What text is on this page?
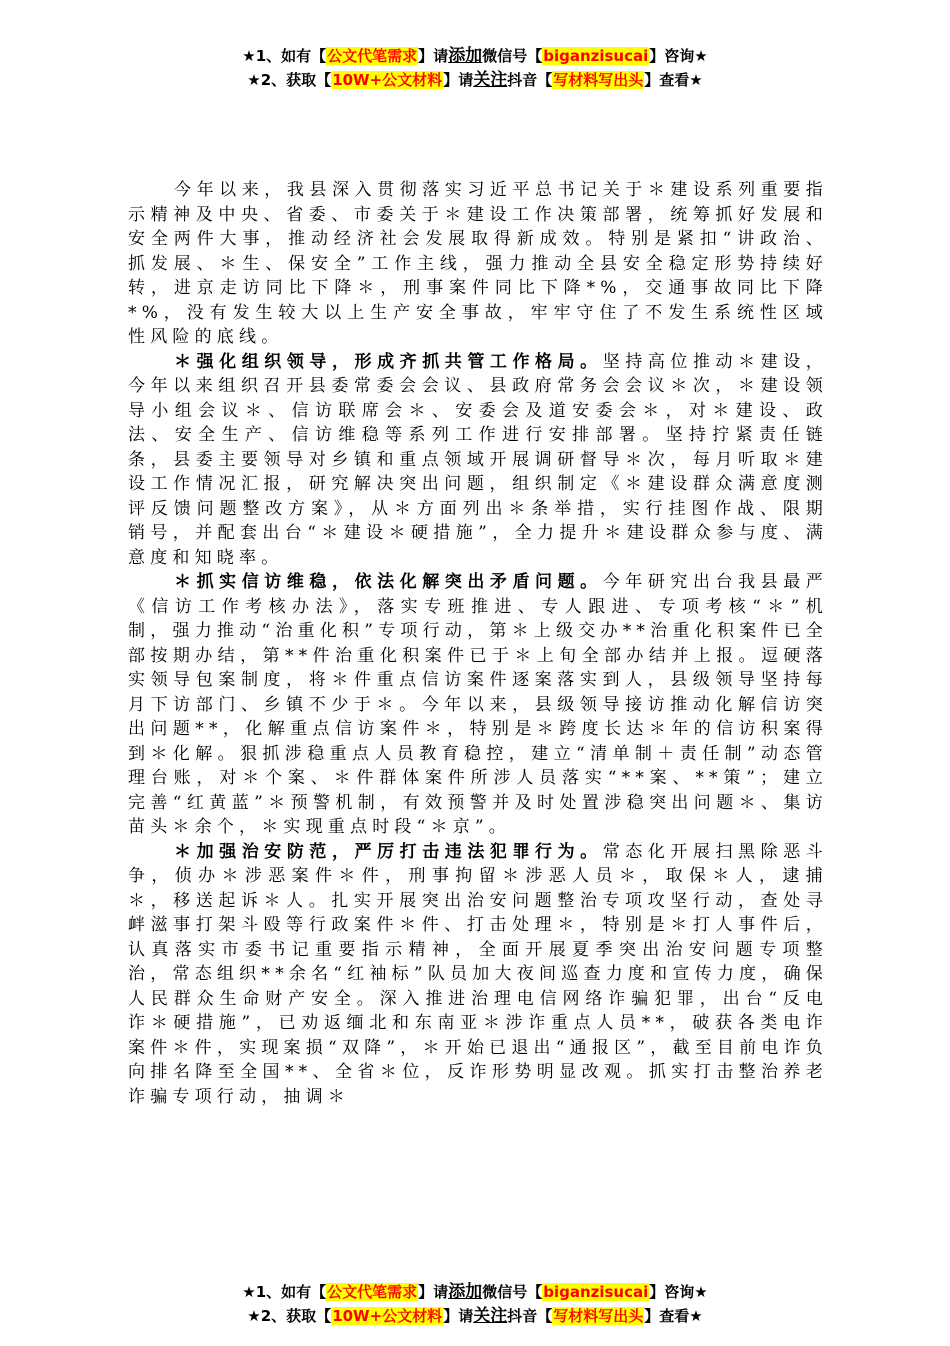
★1、如有【公文代笔需求】请添加微信号【biganzisucai】咨询★
★2、获取【10W+公文材料】请关注抖音【写材料写出头】查看★

今年以来，我县深入贯彻落实习近平总书记关于＊建设系列重要指示精神及中央、省委、市委关于＊建设工作决策部署，统筹抓好发展和安全两件大事，推动经济社会发展取得新成效。特别是紧扣“讲政治、抓发展、＊生、保安全”工作主线，强力推动全县安全稳定形势持续好转，进京走访同比下降＊，刑事案件同比下降*%，交通事故同比下降*%，没有发生较大以上生产安全事故，牢牢守住了不发生系统性区域性风险的底线。

＊强化组织领导，形成齐抓共管工作格局。坚持高位推动＊建设，今年以来组织召开县委常委会会议、县政府常务会会议＊次，＊建设领导小组会议＊、信访联席会＊、安委会及道安委会＊，对＊建设、政法、安全生产、信访维稳等系列工作进行安排部署。坚持拧紧责任链条，县委主要领导对乡镇和重点领域开展调研督导＊次，每月听取＊建设工作情况汇报，研究解决突出问题，组织制定《＊建设群众满意度测评反馈问题整改方案》，从＊方面列出＊条举措，实行挂图作战、限期销号，并配套出台“＊建设＊硬措施”，全力提升＊建设群众参与度、满意度和知晓率。

＊抓实信访维稳，依法化解突出矛盾问题。今年研究出台我县最严《信访工作考核办法》，落实专班推进、专人跟进、专项考核“＊”机制，强力推动“治重化积”专项行动，第＊上级交办**治重化积案件已全部按期办结，第**件治重化积案件已于＊上旬全部办结并上报。逗硬落实领导包案制度，将＊件重点信访案件逐案落实到人，县级领导坚持每月下访部门、乡镇不少于＊。今年以来，县级领导接访推动化解信访突出问题**，化解重点信访案件＊，特别是＊跨度长达＊年的信访积案得到＊化解。狠抓涉稳重点人员教育稳控，建立“清单制＋责任制”动态管理台账，对＊个案、＊件群体案件所涉人员落实“**案、**策”；建立完善“红黄蓝”＊预警机制，有效预警并及时处置涉稳突出问题＊、集访苗头＊余个，＊实现重点时段“＊京”。

＊加强治安防范，严厉打击违法犯罪行为。常态化开展扫黑除恶斗争，侦办＊涉恶案件＊件，刑事拘留＊涉恶人员＊，取保＊人，逮捕＊，移送起诉＊人。扎实开展突出治安问题整治专项攻坚行动，查处寻衅滋事打架斗殴等行政案件＊件、打击处理＊，特别是＊打人事件后，认真落实市委书记重要指示精神，全面开展夏季突出治安问题专项整治，常态组织**余名“红袖标”队员加大夜间巡查力度和宣传力度，确保人民群众生命财产安全。深入推进治理电信网络诈骗犯罪，出台“反电诈＊硬措施”，已劝返缅北和东南亚＊涉诈重点人员**，破获各类电诈案件＊件，实现案损“双降”，＊开始已退出“通报区”，截至目前电诈负向排名降至全国**、全省＊位，反诈形势明显改观。抓实打击整治养老诈骗专项行动，抽调＊

★1、如有【公文代笔需求】请添加微信号【biganzisucai】咨询★
★2、获取【10W+公文材料】请关注抖音【写材料写出头】查看★
